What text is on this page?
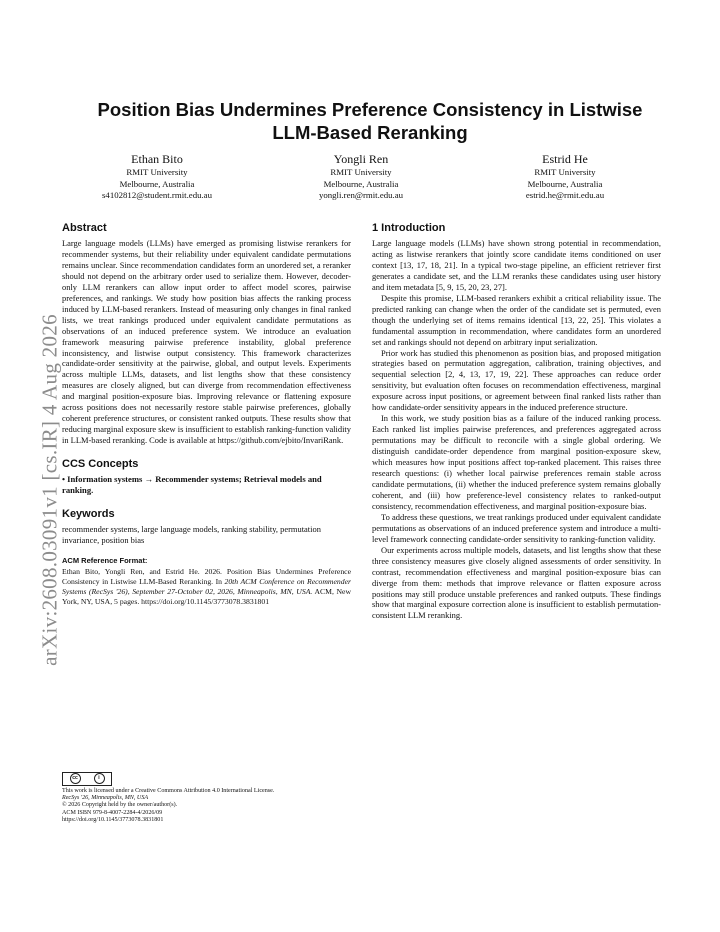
arXiv:2608.03091v1 [cs.IR] 4 Aug 2026
Position Bias Undermines Preference Consistency in Listwise LLM-Based Reranking
Ethan Bito
RMIT University
Melbourne, Australia
s4102812@student.rmit.edu.au
Yongli Ren
RMIT University
Melbourne, Australia
yongli.ren@rmit.edu.au
Estrid He
RMIT University
Melbourne, Australia
estrid.he@rmit.edu.au
Abstract

Large language models (LLMs) have emerged as promising listwise rerankers for recommender systems, but their reliability under equivalent candidate permutations remains unclear. Since recommendation candidates form an unordered set, a reranker should not depend on the arbitrary order used to serialize them. However, decoder-only LLM rerankers can allow input order to affect model scores, pairwise preferences, and rankings. We study how position bias affects the ranking process induced by LLM-based rerankers. Instead of measuring only changes in final ranked lists, we treat rankings produced under equivalent candidate permutations as observations of an induced preference system. We introduce an evaluation framework measuring pairwise preference instability, global preference inconsistency, and listwise output consistency. This framework characterizes candidate-order sensitivity at the pairwise, global, and output levels. Experiments across multiple LLMs, datasets, and list lengths show that these consistency measures are closely aligned, but can diverge from recommendation effectiveness and marginal position-exposure bias. Improving relevance or flattening exposure across positions does not necessarily restore stable pairwise preferences, globally coherent preference structures, or consistent ranked outputs. These results show that reducing marginal exposure skew is insufficient to establish ranking-function validity in LLM-based reranking. Code is available at https://github.com/ejbito/InvariRank.

CCS Concepts

• Information systems → Recommender systems; Retrieval models and ranking.

Keywords

recommender systems, large language models, ranking stability, permutation invariance, position bias

ACM Reference Format:

Ethan Bito, Yongli Ren, and Estrid He. 2026. Position Bias Undermines Preference Consistency in Listwise LLM-Based Reranking. In 20th ACM Conference on Recommender Systems (RecSys '26), September 27-October 02, 2026, Minneapolis, MN, USA. ACM, New York, NY, USA, 5 pages. https://doi.org/10.1145/3773078.3831801

cc	i

This work is licensed under a Creative Commons Attribution 4.0 International License.

RecSys '26, Minneapolis, MN, USA

© 2026 Copyright held by the owner/author(s).

ACM ISBN 979-8-4007-2284-4/2026/09

https://doi.org/10.1145/3773078.3831801

1 Introduction

Large language models (LLMs) have shown strong potential in recommendation, acting as listwise rerankers that jointly score candidate items conditioned on user context [13, 17, 18, 21]. In a typical two-stage pipeline, an efficient retriever first generates a candidate set, and the LLM reranks these candidates using user history and item metadata [5, 9, 15, 20, 23, 27].

Despite this promise, LLM-based rerankers exhibit a critical reliability issue. The predicted ranking can change when the order of the candidate set is permuted, even though the underlying set of items remains identical [13, 22, 25]. This violates a fundamental assumption in recommendation, where candidates form an unordered set and rankings should not depend on arbitrary input serialization.

Prior work has studied this phenomenon as position bias, and proposed mitigation strategies based on permutation aggregation, calibration, training objectives, and sequential selection [2, 4, 13, 17, 19, 22]. These approaches can reduce order sensitivity, but evaluation often focuses on recommendation effectiveness, marginal exposure across input positions, or agreement between final ranked lists rather than how candidate-order sensitivity appears in the induced preference structure.

In this work, we study position bias as a failure of the induced ranking process. Each ranked list implies pairwise preferences, and preferences aggregated across permutations may be difficult to reconcile with a single global ordering. We distinguish candidate-order dependence from marginal position-exposure skew, which measures how input positions affect top-ranked placement. This raises three research questions: (i) whether local pairwise preferences remain stable across candidate permutations, (ii) whether the induced preference system remains globally coherent, and (iii) how preference-level consistency relates to ranked-output consistency, recommendation effectiveness, and marginal position-exposure bias.

To address these questions, we treat rankings produced under equivalent candidate permutations as observations of an induced preference system and introduce a multi-level framework connecting candidate-order sensitivity to ranking-function validity.

Our experiments across multiple models, datasets, and list lengths show that these three consistency measures give closely aligned assessments of order sensitivity. In contrast, recommendation effectiveness and marginal position-exposure bias can diverge from them: methods that improve relevance or flatten exposure across positions may still produce unstable preferences and ranked outputs. These findings show that marginal exposure correction alone is insufficient to establish permutation-consistent LLM reranking.
